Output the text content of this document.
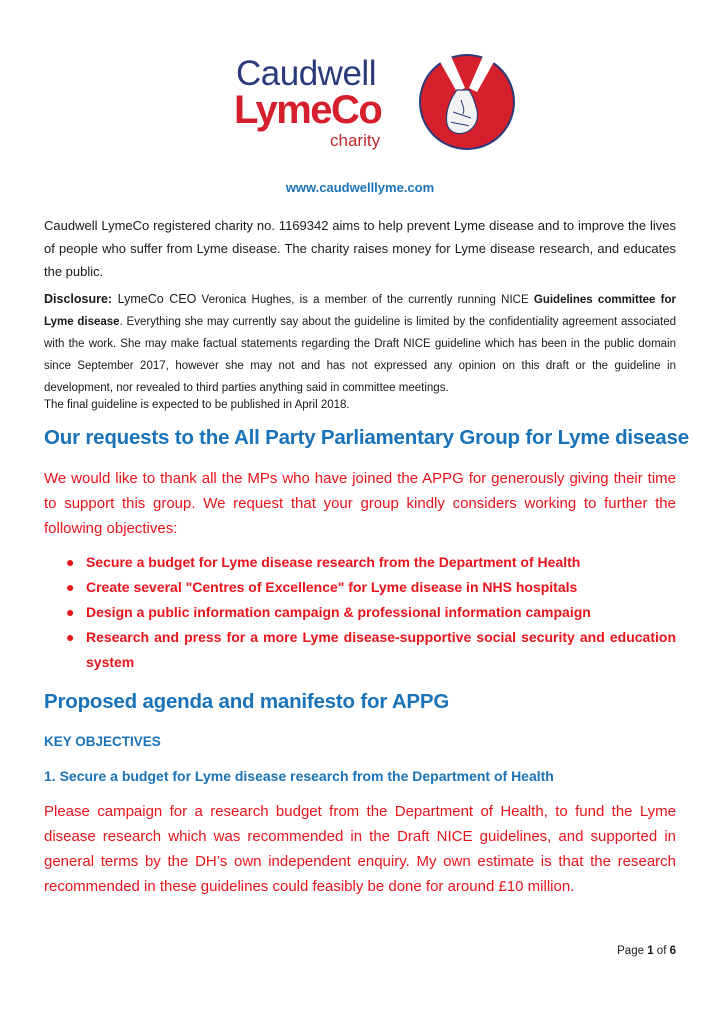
Caudwell
LymeCo
charity
www.caudwelllyme.com
Caudwell LymeCo registered charity no. 1169342 aims to help prevent Lyme disease and to improve the lives of people who suffer from Lyme disease. The charity raises money for Lyme disease research, and educates the public.
Disclosure: LymeCo CEO Veronica Hughes, is a member of the currently running NICE Guidelines committee for Lyme disease. Everything she may currently say about the guideline is limited by the confidentiality agreement associated with the work. She may make factual statements regarding the Draft NICE guideline which has been in the public domain since September 2017, however she may not and has not expressed any opinion on this draft or the guideline in development, nor revealed to third parties anything said in committee meetings.
The final guideline is expected to be published in April 2018.
Our requests to the All Party Parliamentary Group for Lyme disease
We would like to thank all the MPs who have joined the APPG for generously giving their time to support this group. We request that your group kindly considers working to further the following objectives:
● Secure a budget for Lyme disease research from the Department of Health
● Create several "Centres of Excellence" for Lyme disease in NHS hospitals
● Design a public information campaign & professional information campaign
● Research and press for a more Lyme disease-supportive social security and education system
Proposed agenda and manifesto for APPG
KEY OBJECTIVES
1. Secure a budget for Lyme disease research from the Department of Health
Please campaign for a research budget from the Department of Health, to fund the Lyme disease research which was recommended in the Draft NICE guidelines, and supported in general terms by the DH’s own independent enquiry. My own estimate is that the research recommended in these guidelines could feasibly be done for around £10 million.
Page 1 of 6
